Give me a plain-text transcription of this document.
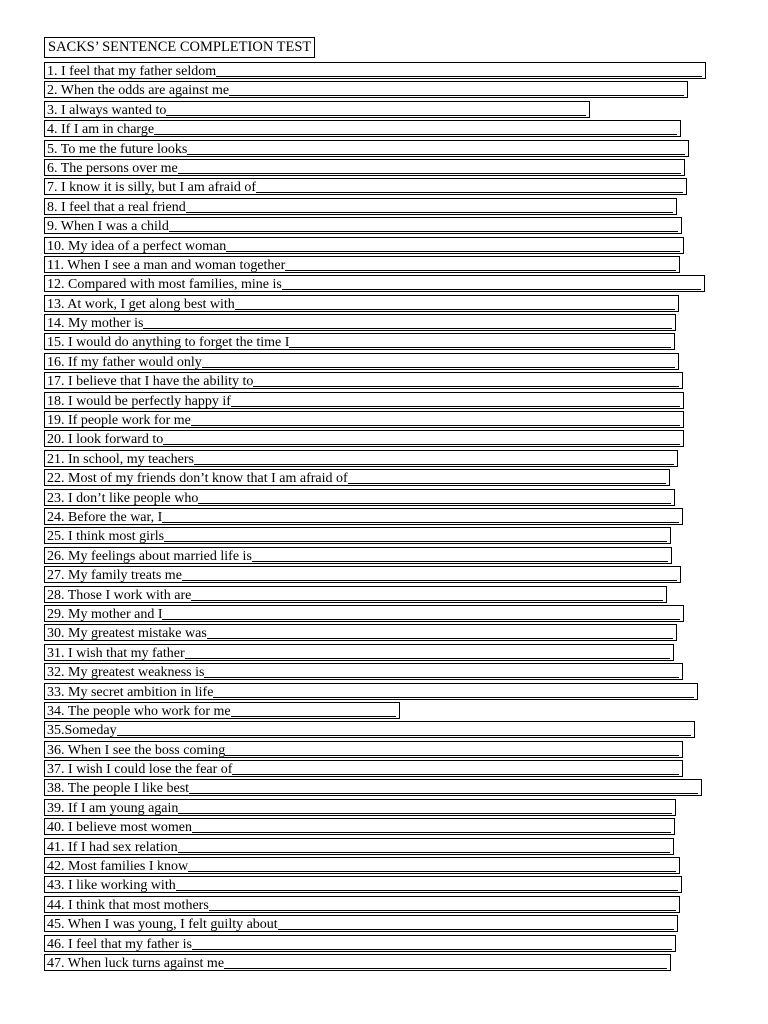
SACKS’ SENTENCE COMPLETION TEST
1. I feel that my father seldom
2. When the odds are against me
3. I always wanted to
4. If I am in charge
5. To me the future looks
6. The persons over me
7. I know it is silly, but I am afraid of
8. I feel that a real friend
9. When I was a child
10. My idea of a perfect woman
11. When I see a man and woman together
12. Compared with most families, mine is
13. At work, I get along best with
14. My mother is
15. I would do anything to forget the time I
16. If my father would only
17. I believe that I have the ability to
18. I would be perfectly happy if
19. If people work for me
20. I look forward to
21. In school, my teachers
22. Most of my friends don’t know that I am afraid of
23. I don’t like people who
24. Before the war, I
25. I think most girls
26. My feelings about married life is
27. My family treats me
28. Those I work with are
29. My mother and I
30. My greatest mistake was
31. I wish that my father
32. My greatest weakness is
33. My secret ambition in life
34. The people who work for me
35.Someday
36. When I see the boss coming
37. I wish I could lose the fear of
38. The people I like best
39. If I am young again
40. I believe most women
41. If I had sex relation
42. Most families I know
43. I like working with
44. I think that most mothers
45. When I was young, I felt guilty about
46. I feel that my father is
47. When luck turns against me
